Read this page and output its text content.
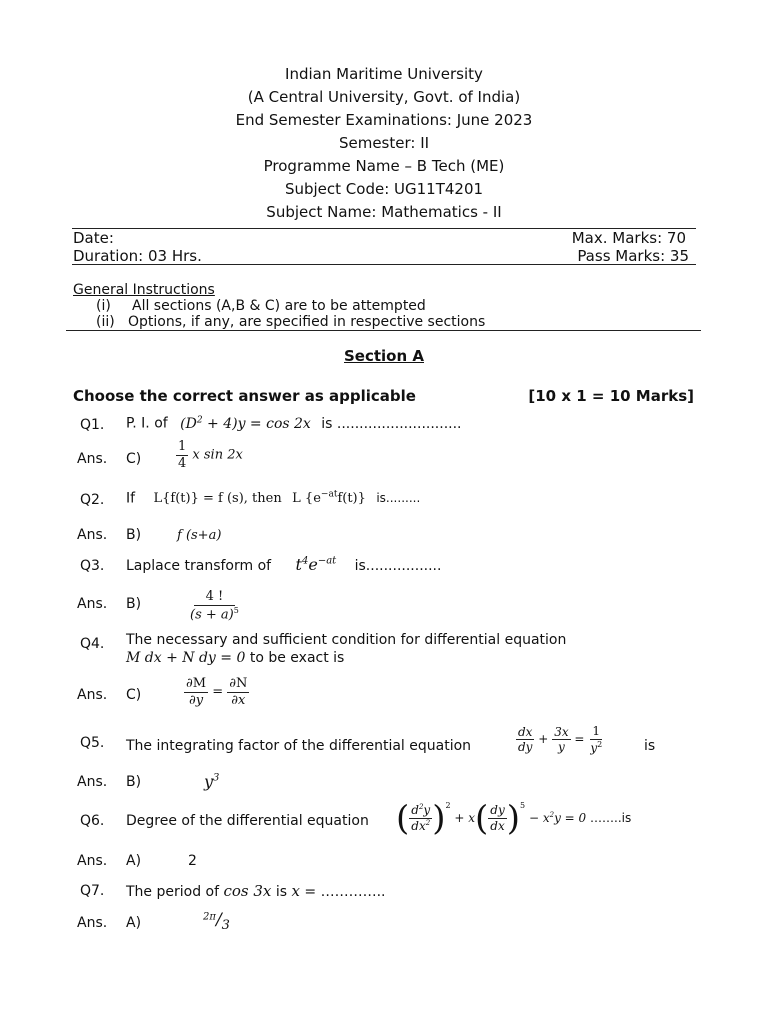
Indian Maritime University
(A Central University, Govt. of India)
End Semester Examinations: June 2023
Semester: II
Programme Name – B Tech (ME)
Subject Code: UG11T4201
Subject Name: Mathematics - II
Date:	Max. Marks: 70
Duration: 03 Hrs.	Pass Marks: 35
General Instructions
(i) All sections (A,B & C) are to be attempted
(ii) Options, if any, are specified in respective sections
Section A
Choose the correct answer as applicable	[10 x 1 = 10 Marks]
Q1. P. I. of $(D^2 + 4)y = \cos 2x$ is ............................
Ans. C)	$\frac{1}{4}$ x sin 2x
Q2. If L{f(t)} = f (s), then L $\{e^{-at}f(t)\}$ is.........
Ans. B)	f (s+a)
Q3. Laplace transform of $t^4e^{-at}$ is.................
Ans. B)	$\frac{4 !}{(s + a)^5}$
Q4. The necessary and sufficient condition for differential equation
M dx + N dy = 0 to be exact is
Ans. C)	$\frac{\partial M}{\partial y} = \frac{\partial N}{\partial x}$
Q5. The integrating factor of the differential equation	$\frac{dx}{dy} + \frac{3x}{y} = \frac{1}{y^2}$	is
Ans. B)	$y^3$
Q6. Degree of the differential equation ( $\frac{d^2y}{dx^2} )^2 + x( \frac{dy}{dx} )^5 - x^2y = 0$ ……..is
Ans. A)	2
Q7. The period of cos 3x is x = …………..
Ans. A)	$^{2\pi}/_3$
